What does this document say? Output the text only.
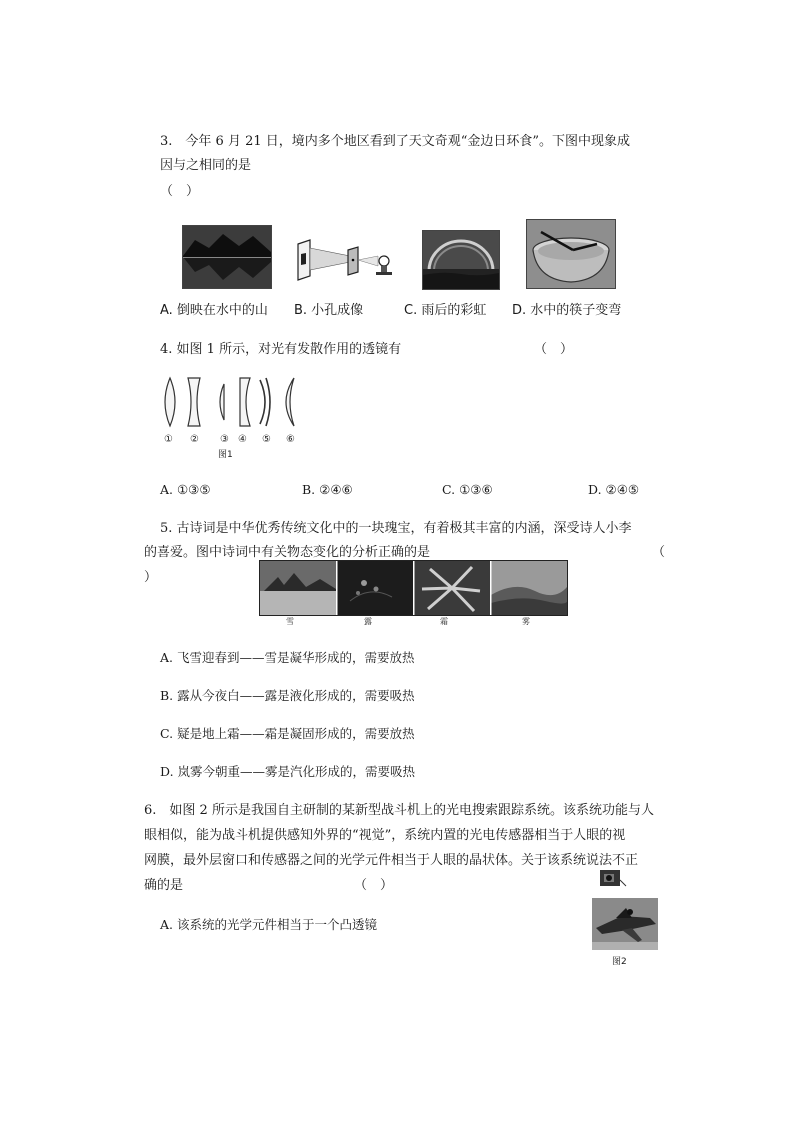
3.　今年 6 月 21 日，境内多个地区看到了天文奇观“金边日环食”。下图中现象成
因与之相同的是
（　）
A. 倒映在水中的山 B. 小孔成像	C. 雨后的彩虹 D. 水中的筷子变弯
4. 如图 1 所示，对光有发散作用的透镜有	（　）
① ② ③ ④ ⑤ ⑥
图1
A. ①③⑤	B. ②④⑥	C. ①③⑥	D. ②④⑤
5. 古诗词是中华优秀传统文化中的一块瑰宝，有着极其丰富的内涵，深受诗人小李
的喜爱。图中诗词中有关物态变化的分析正确的是	（
）
雪	露	霜	雾
A. 飞雪迎春到——雪是凝华形成的，需要放热
B. 露从今夜白——露是液化形成的，需要吸热
C. 疑是地上霜——霜是凝固形成的，需要放热
D. 岚雾今朝重——雾是汽化形成的，需要吸热
6.　如图 2 所示是我国自主研制的某新型战斗机上的光电搜索跟踪系统。该系统功能与人
眼相似，能为战斗机提供感知外界的“视觉”，系统内置的光电传感器相当于人眼的视
网膜，最外层窗口和传感器之间的光学元件相当于人眼的晶状体。关于该系统说法不正
确的是	（　）
图2
A. 该系统的光学元件相当于一个凸透镜
